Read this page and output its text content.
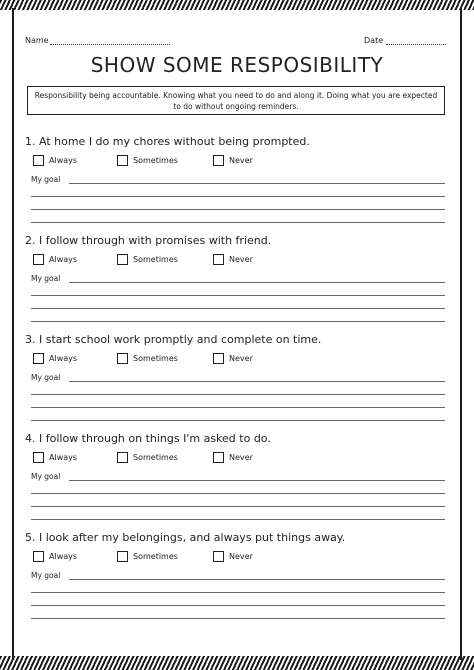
Name	Date
SHOW SOME RESPOSIBILITY
Responsibility being accountable. Knowing what you need to do and along it. Doing what you are expected to do without ongoing reminders.
1. At home I do my chores without being prompted.
Always	Sometimes	Never
My goal
2. I follow through with promises with friend.
Always	Sometimes	Never
My goal
3. I start school work promptly and complete on time.
Always	Sometimes	Never
My goal
4. I follow through on things I'm asked to do.
Always	Sometimes	Never
My goal
5. I look after my belongings, and always put things away.
Always	Sometimes	Never
My goal
